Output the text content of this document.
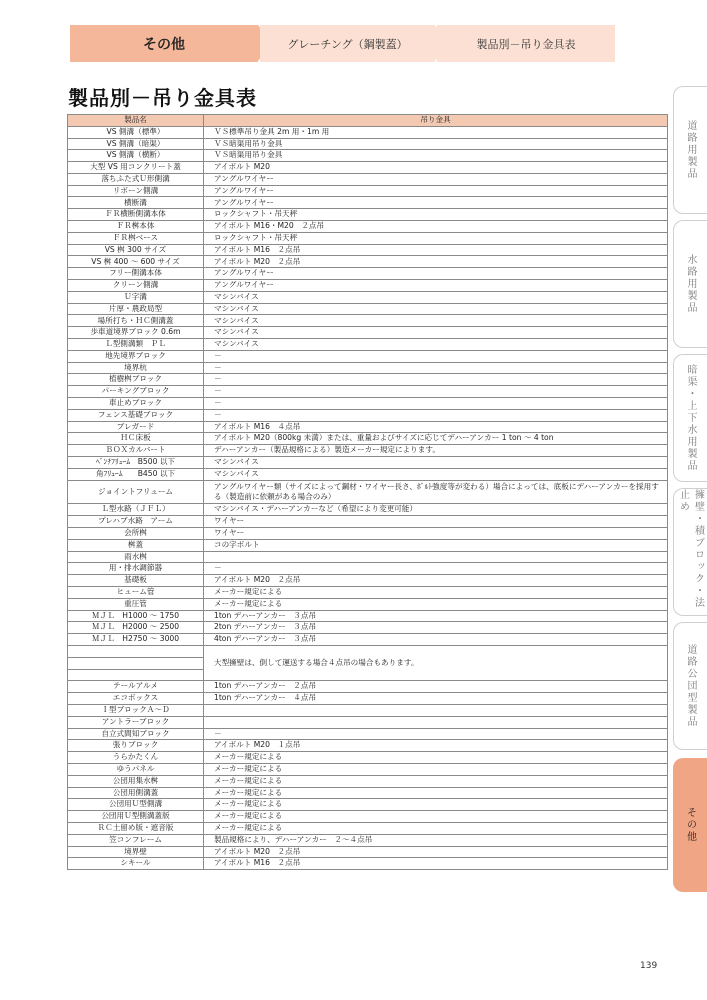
その他	グレーチング（鋼製蓋）	製品別－吊り金具表
製品別－吊り金具表
製品名	吊り金具
VS 側溝（標準）	ＶＳ標準吊り金具 2m 用・1m 用
VS 側溝（暗渠）	ＶＳ暗渠用吊り金具
VS 側溝（横断）	ＶＳ暗渠用吊り金具
大型 VS 用コンクリート蓋	アイボルト M20
落ちふた式Ｕ形側溝	アングルワイヤー
リボーン側溝	アングルワイヤー
横断溝	アングルワイヤー
ＦＲ横断側溝本体	ロックシャフト・吊天秤
ＦＲ桝本体	アイボルト M16・M20　２点吊
ＦＲ桝ベース	ロックシャフト・吊天秤
VS 桝 300 サイズ	アイボルト M16　２点吊
VS 桝 400 ～ 600 サイズ	アイボルト M20　２点吊
フリー側溝本体	アングルワイヤー
クリーン側溝	アングルワイヤー
Ｕ字溝	マシンバイス
片厚・農政局型	マシンバイス
場所打ち・ＨＣ側溝蓋	マシンバイス
歩車道境界ブロック 0.6m	マシンバイス
Ｌ型側溝類　ＰＬ	マシンバイス
地先境界ブロック	－
境界杭	－
植樹桝ブロック	－
パーキングブロック	－
車止めブロック	－
フェンス基礎ブロック	－
ブレガード	アイボルト M16　４点吊
ＨＣ床板	アイボルト M20（800kg 未満）または、重量およびサイズに応じてデハーアンカー 1 ton ～ 4 ton
ＢＯＸカルバート	デハーアンカー（製品規格による）製造メーカー規定によります。
ﾍﾞﾝﾁﾌﾘｭｰﾑ　B500 以下	マシンバイス
角ﾌﾘｭｰﾑ　　B450 以下	マシンバイス
ジョイントフリューム	アングルワイヤー類（サイズによって鋼材・ワイヤー長さ、ﾎﾞﾙﾄ強度等が変わる）場合によっては、底板にデハーアンカーを採用する（製造前に依頼がある場合のみ）
Ｌ型水路（ＪＦＬ）	マシンバイス・デハーアンカーなど（希望により変更可能）
プレハブ水路　アーム	ワイヤー
会所桝	ワイヤー
桝蓋	コの字ボルト
雨水桝	
用・排水調節器	－
基礎板	アイボルト M20　２点吊
ヒューム管	メーカー規定による
重圧管	メーカー規定による
ＭＪＬ　H1000 ～ 1750	1ton デハーアンカー　３点吊
ＭＪＬ　H2000 ～ 2500	2ton デハーアンカー　３点吊
ＭＪＬ　H2750 ～ 3000	4ton デハーアンカー　３点吊
	大型擁壁は、倒して運送する場合４点吊の場合もあります。

テールアルメ	1ton デハーアンカー　２点吊
エコボックス	1ton デハーアンカー　４点吊
Ｉ型ブロックＡ～Ｄ	
アントラーブロック	
自立式間知ブロック	－
張りブロック	アイボルト M20　１点吊
うらかたくん	メーカー規定による
ゆうパネル	メーカー規定による
公団用集水桝	メーカー規定による
公団用側溝蓋	メーカー規定による
公団用Ｕ型側溝	メーカー規定による
公団用Ｕ型側溝蓋版	メーカー規定による
ＲＣ土留め版・遮音版	メーカー規定による
笠コンフレーム	製品規格により、デハーアンカー　２～４点吊
境界壁	アイボルト M20　２点吊
シキール	アイボルト M16　２点吊
道路用製品
水路用製品
暗渠・上下水用製品
擁壁・積ブロック・法止め
道路公団型製品
その他
139
